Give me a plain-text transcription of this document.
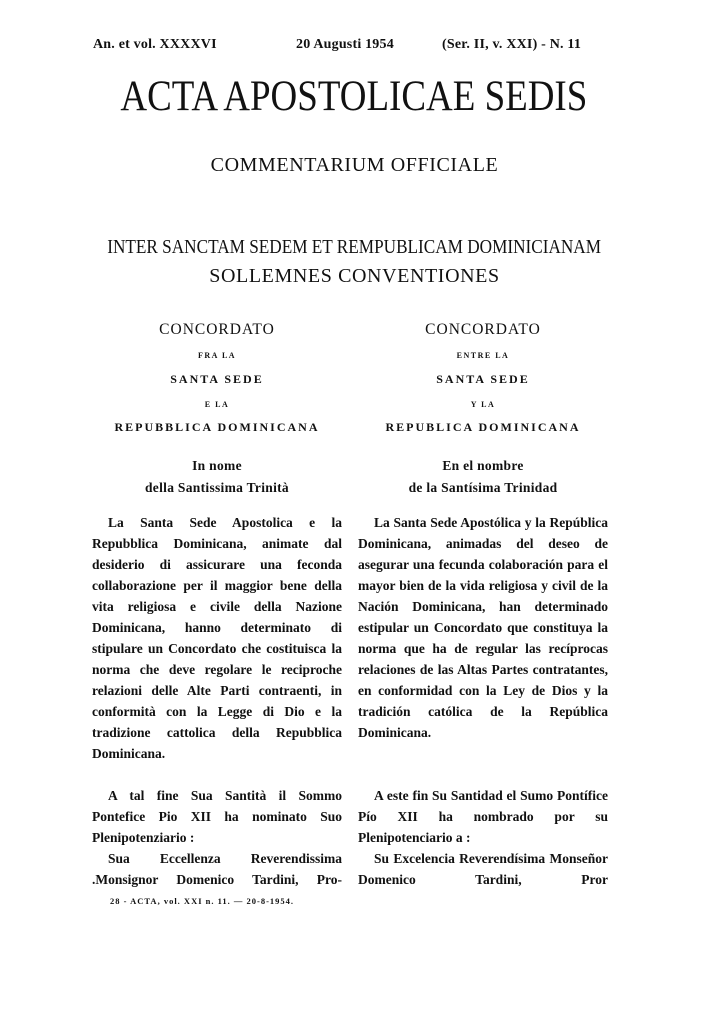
An. et vol. XXXXVI	20 Augusti 1954	(Ser. II, v. XXI) - N. 11
ACTA APOSTOLICAE SEDIS
COMMENTARIUM OFFICIALE
INTER SANCTAM SEDEM ET REMPUBLICAM DOMINICIANAM
SOLLEMNES CONVENTIONES
CONCORDATO
FRA LA
SANTA SEDE
E LA
REPUBBLICA DOMINICANA
In nome
della Santissima Trinità

La Santa Sede Apostolica e la Repubblica Dominicana, animate dal desiderio di assicurare una feconda collaborazione per il maggior bene della vita religiosa e civile della Nazione Dominicana, hanno determinato di stipulare un Concordato che costituisca la norma che deve regolare le reciproche relazioni delle Alte Parti contraenti, in conformità con la Legge di Dio e la tradizione cattolica della Repubblica Dominicana.

A tal fine Sua Santità il Sommo Pontefice Pio XII ha nominato Suo Plenipotenziario :

Sua Eccellenza Reverendissima .Monsignor Domenico Tardini, Pro-

CONCORDATO
ENTRE LA
SANTA SEDE
Y LA
REPUBLICA DOMINICANA
En el nombre
de la Santísima Trinidad

La Santa Sede Apostólica y la República Dominicana, animadas del deseo de asegurar una fecunda colaboración para el mayor bien de la vida religiosa y civil de la Nación Dominicana, han determinado estipular un Concordato que constituya la norma que ha de regular las recíprocas relaciones de las Altas Partes contratantes, en conformidad con la Ley de Dios y la tradición católica de la República Dominicana.

A este fin Su Santidad el Sumo Pontífice Pío XII ha nombrado por su Plenipotenciario a :

Su Excelencia Reverendísima Monseñor Domenico Tardini, Pror

28 - ACTA, vol. XXI n. 11. — 20-8-1954.
